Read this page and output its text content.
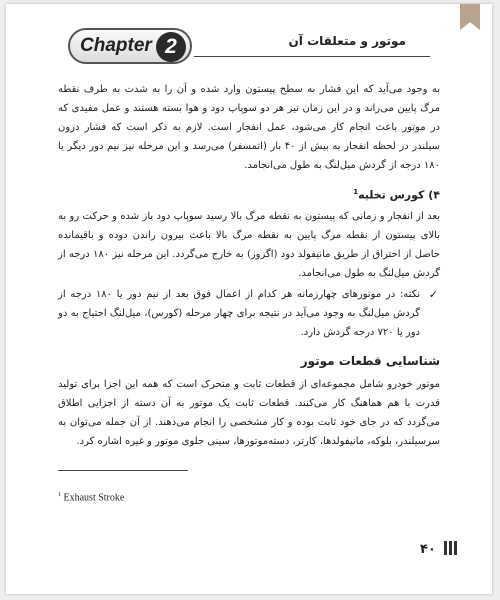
Chapter 2	موتور و متعلقات آن

به وجود می‌آید که این فشار به سطح پیستون وارد شده و آن را به شدت به طرف نقطه مرگ پایین می‌راند و در این زمان نیز هر دو سوپاپ دود و هوا بسته هستند و عمل مفیدی که در موتور باعث انجام کار می‌شود، عمل انفجار است. لازم به ذکر است که فشار درون سیلندر در لحظه انفجار به بیش از ۴۰ بار (اتمسفر) می‌رسد و این مرحله نیز نیم دور دیگر یا ۱۸۰ درجه از گردش میل‌لنگ به طول می‌انجامد.

۴) کورس تخلیه$^1$

بعد از انفجار و زمانی که پیستون به نقطه مرگ بالا رسید سوپاپ دود باز شده و حرکت رو به بالای پیستون از نقطه مرگ پایین به نقطه مرگ بالا باعث بیرون راندن دوده و باقیمانده حاصل از احتراق از طریق مانیفولد دود (اگزوز) به خارج می‌گردد. این مرحله نیز ۱۸۰ درجه از گردش میل‌لنگ به طول می‌انجامد.

✓
نکته: در موتورهای چهارزمانه هر کدام از اعمال فوق بعد از نیم دور یا ۱۸۰ درجه از گردش میل‌لنگ به وجود می‌آید در نتیجه برای چهار مرحله (کورس)، میل‌لنگ احتیاج به دو دور یا ۷۲۰ درجه گردش دارد.

شناسایی قطعات موتور

موتور خودرو شامل مجموعه‌ای از قطعات ثابت و متحرک است که همه این اجزا برای تولید قدرت با هم هماهنگ کار می‌کنند. قطعات ثابت یک موتور به آن دسته از اجزایی اطلاق می‌گردد که در جای خود ثابت بوده و کار مشخصی را انجام می‌دهند. از آن جمله می‌توان به سرسیلندر، بلوکه، مانیفولدها، کارتر، دسته‌موتورها، سینی جلوی موتور و غیره اشاره کرد.

$^1$ Exhaust Stroke
۴۰
